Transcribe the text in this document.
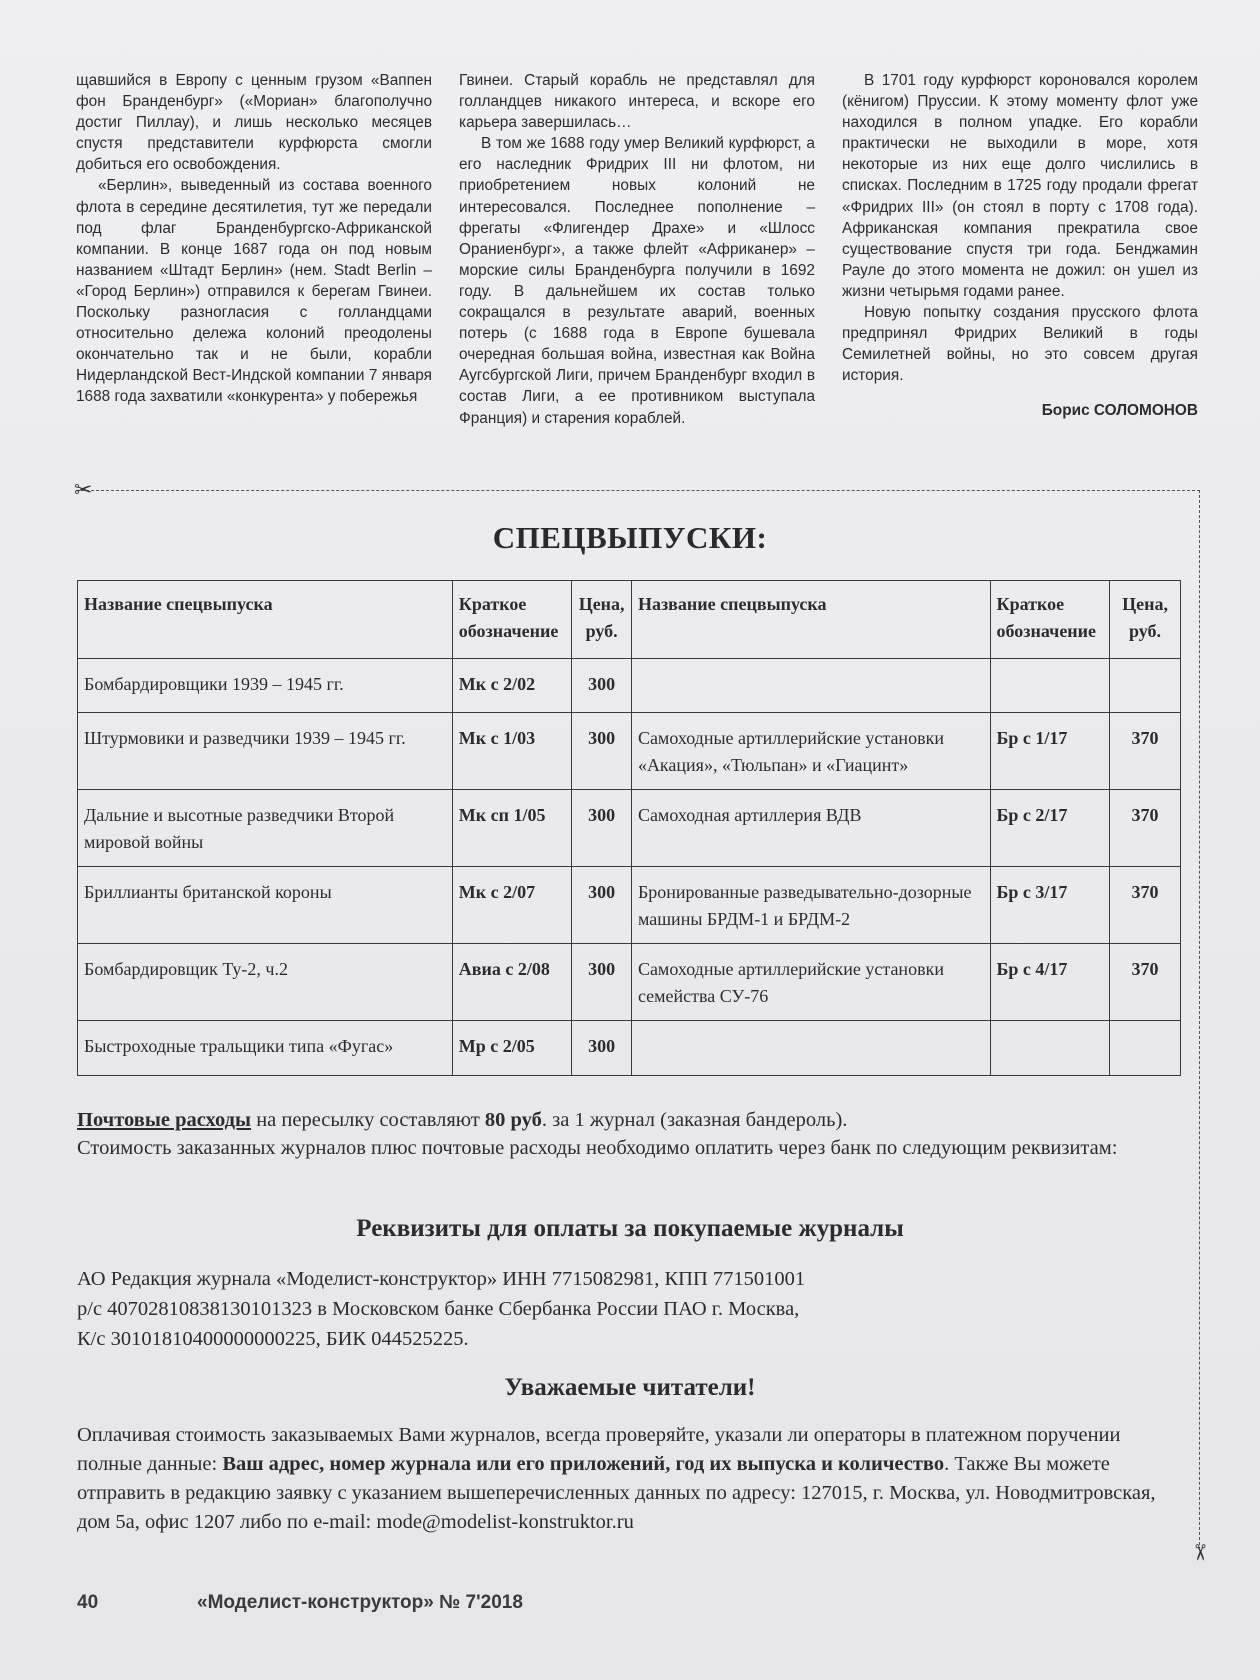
щавшийся в Европу с ценным грузом «Ваппен фон Бранденбург» («Мориан» благополучно достиг Пиллау), и лишь несколько месяцев спустя представители курфюрста смогли добиться его освобождения.

«Берлин», выведенный из состава военного флота в середине десятилетия, тут же передали под флаг Бранденбургско-Африканской компании. В конце 1687 года он под новым названием «Штадт Берлин» (нем. Stadt Berlin – «Город Берлин») отправился к берегам Гвинеи. Поскольку разногласия с голландцами относительно дележа колоний преодолены окончательно так и не были, корабли Нидерландской Вест-Индской компании 7 января 1688 года захватили «конкурента» у побережья

Гвинеи. Старый корабль не представлял для голландцев никакого интереса, и вскоре его карьера завершилась…

В том же 1688 году умер Великий курфюрст, а его наследник Фридрих III ни флотом, ни приобретением новых колоний не интересовался. Последнее пополнение – фрегаты «Флигендер Драхе» и «Шлосс Ораниенбург», а также флейт «Африканер» – морские силы Бранденбурга получили в 1692 году. В дальнейшем их состав только сокращался в результате аварий, военных потерь (с 1688 года в Европе бушевала очередная большая война, известная как Война Аугсбургской Лиги, причем Бранденбург входил в состав Лиги, а ее противником выступала Франция) и старения кораблей.

В 1701 году курфюрст короновался королем (кёнигом) Пруссии. К этому моменту флот уже находился в полном упадке. Его корабли практически не выходили в море, хотя некоторые из них еще долго числились в списках. Последним в 1725 году продали фрегат «Фридрих III» (он стоял в порту с 1708 года). Африканская компания прекратила свое существование спустя три года. Бенджамин Рауле до этого момента не дожил: он ушел из жизни четырьмя годами ранее.

Новую попытку создания прусского флота предпринял Фридрих Великий в годы Семилетней войны, но это совсем другая история.

Борис СОЛОМОНОВ
✂
✂
СПЕЦВЫПУСКИ:
Название спецвыпуска	Краткое обозначение	Цена, руб.	Название спецвыпуска	Краткое обозначение	Цена, руб.
Бомбардировщики 1939 – 1945 гг.	Мк с 2/02	300			
Штурмовики и разведчики 1939 – 1945 гг.	Мк с 1/03	300	Самоходные артиллерийские установки «Акация», «Тюльпан» и «Гиацинт»	Бр с 1/17	370
Дальние и высотные разведчики Второй мировой войны	Мк сп 1/05	300	Самоходная артиллерия ВДВ	Бр с 2/17	370
Бриллианты британской короны	Мк с 2/07	300	Бронированные разведывательно-дозорные машины БРДМ-1 и БРДМ-2	Бр с 3/17	370
Бомбардировщик Ту-2, ч.2	Авиа с 2/08	300	Самоходные артиллерийские установки семейства СУ-76	Бр с 4/17	370
Быстроходные тральщики типа «Фугас»	Мр с 2/05	300			
Почтовые расходы на пересылку составляют 80 руб. за 1 журнал (заказная бандероль).
Стоимость заказанных журналов плюс почтовые расходы необходимо оплатить через банк по следующим реквизитам:
Реквизиты для оплаты за покупаемые журналы
АО Редакция журнала «Моделист-конструктор» ИНН 7715082981, КПП 771501001
р/с 40702810838130101323 в Московском банке Сбербанка России ПАО г. Москва,
К/с 30101810400000000225, БИК 044525225.
Уважаемые читатели!
Оплачивая стоимость заказываемых Вами журналов, всегда проверяйте, указали ли операторы в платежном поручении полные данные: Ваш адрес, номер журнала или его приложений, год их выпуска и количество. Также Вы можете отправить в редакцию заявку с указанием вышеперечисленных данных по адресу: 127015, г. Москва, ул. Новодмитровская, дом 5а, офис 1207 либо по e-mail: mode@modelist-konstruktor.ru
40	«Моделист-конструктор» № 7'2018
